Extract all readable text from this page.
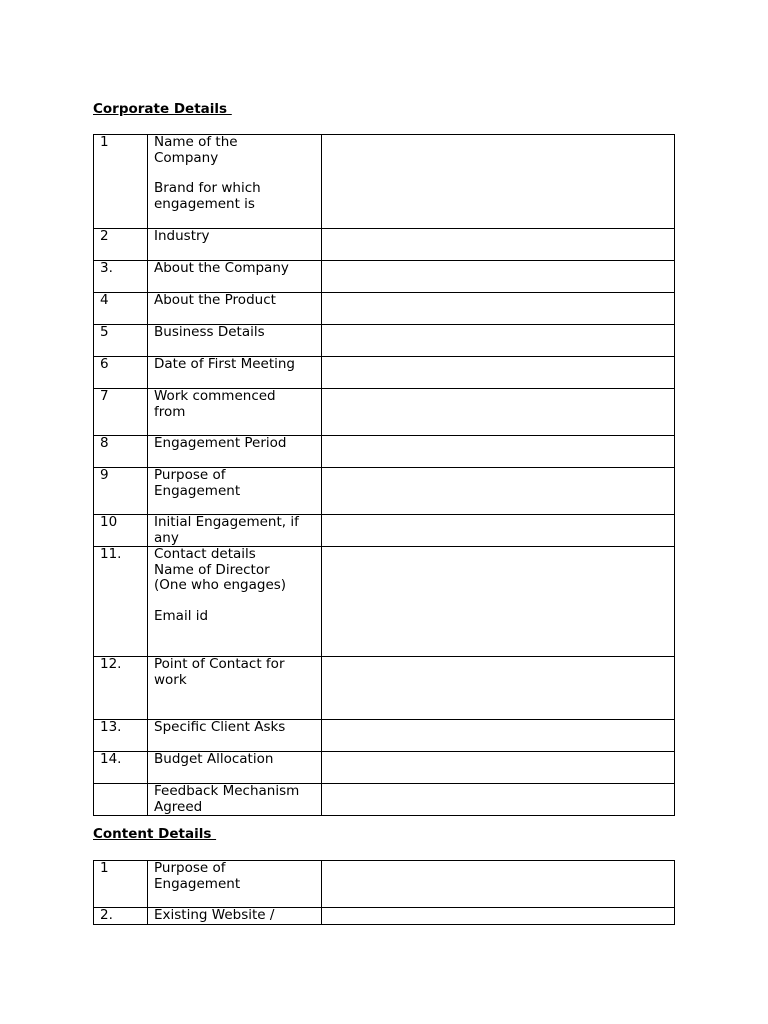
Corporate Details
1	Name of the
Company
Brand for which
engagement is	

2	Industry	

3.	About the Company	

4	About the Product	

5	Business Details	

6	Date of First Meeting	

7	Work commenced
from	

8	Engagement Period	

9	Purpose of
Engagement	

10	Initial Engagement, if
any	

11.	Contact details
Name of Director
(One who engages)
Email id	

12.	Point of Contact for
work	

13.	Specific Client Asks	

14.	Budget Allocation	

	Feedback Mechanism
Agreed	

Content Details
1	Purpose of
Engagement	

2.	Existing Website /	
